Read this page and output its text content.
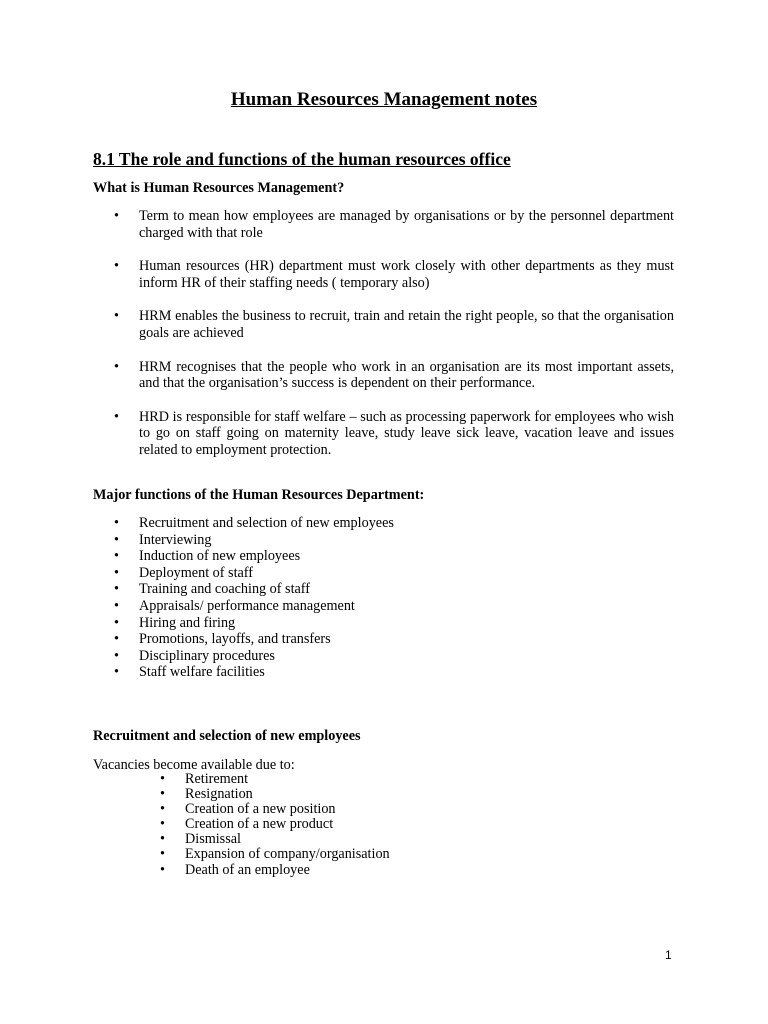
Human Resources Management notes
8.1 The role and functions of the human resources office
What is Human Resources Management?
• Term to mean how employees are managed by organisations or by the personnel department charged with that role
• Human resources (HR) department must work closely with other departments as they must inform HR of their staffing needs ( temporary also)
• HRM enables the business to recruit, train and retain the right people, so that the organisation goals are achieved
• HRM recognises that the people who work in an organisation are its most important assets, and that the organisation’s success is dependent on their performance.
• HRD is responsible for staff welfare – such as processing paperwork for employees who wish to go on staff going on maternity leave, study leave sick leave, vacation leave and issues related to employment protection.
Major functions of the Human Resources Department:
• Recruitment and selection of new employees
• Interviewing
• Induction of new employees
• Deployment of staff
• Training and coaching of staff
• Appraisals/ performance management
• Hiring and firing
• Promotions, layoffs, and transfers
• Disciplinary procedures
• Staff welfare facilities
Recruitment and selection of new employees
Vacancies become available due to:
• Retirement
• Resignation
• Creation of a new position
• Creation of a new product
• Dismissal
• Expansion of company/organisation
• Death of an employee
1
